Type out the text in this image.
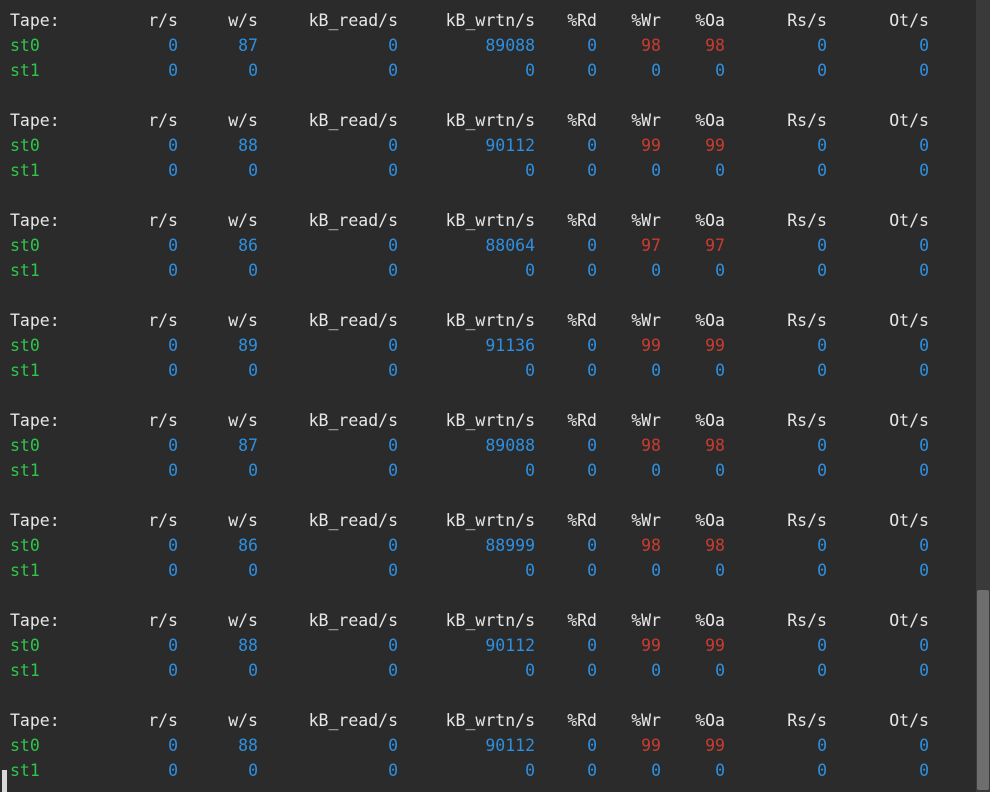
Tape:	r/s	w/s	kB_read/s	kB_wrtn/s	%Rd	%Wr	%Oa	Rs/s	Ot/s
st0	0	87	0	89088	0	98	98	0	0
st1	0	0	0	0	0	0	0	0	0
Tape:	r/s	w/s	kB_read/s	kB_wrtn/s	%Rd	%Wr	%Oa	Rs/s	Ot/s
st0	0	88	0	90112	0	99	99	0	0
st1	0	0	0	0	0	0	0	0	0
Tape:	r/s	w/s	kB_read/s	kB_wrtn/s	%Rd	%Wr	%Oa	Rs/s	Ot/s
st0	0	86	0	88064	0	97	97	0	0
st1	0	0	0	0	0	0	0	0	0
Tape:	r/s	w/s	kB_read/s	kB_wrtn/s	%Rd	%Wr	%Oa	Rs/s	Ot/s
st0	0	89	0	91136	0	99	99	0	0
st1	0	0	0	0	0	0	0	0	0
Tape:	r/s	w/s	kB_read/s	kB_wrtn/s	%Rd	%Wr	%Oa	Rs/s	Ot/s
st0	0	87	0	89088	0	98	98	0	0
st1	0	0	0	0	0	0	0	0	0
Tape:	r/s	w/s	kB_read/s	kB_wrtn/s	%Rd	%Wr	%Oa	Rs/s	Ot/s
st0	0	86	0	88999	0	98	98	0	0
st1	0	0	0	0	0	0	0	0	0
Tape:	r/s	w/s	kB_read/s	kB_wrtn/s	%Rd	%Wr	%Oa	Rs/s	Ot/s
st0	0	88	0	90112	0	99	99	0	0
st1	0	0	0	0	0	0	0	0	0
Tape:	r/s	w/s	kB_read/s	kB_wrtn/s	%Rd	%Wr	%Oa	Rs/s	Ot/s
st0	0	88	0	90112	0	99	99	0	0
st1	0	0	0	0	0	0	0	0	0
